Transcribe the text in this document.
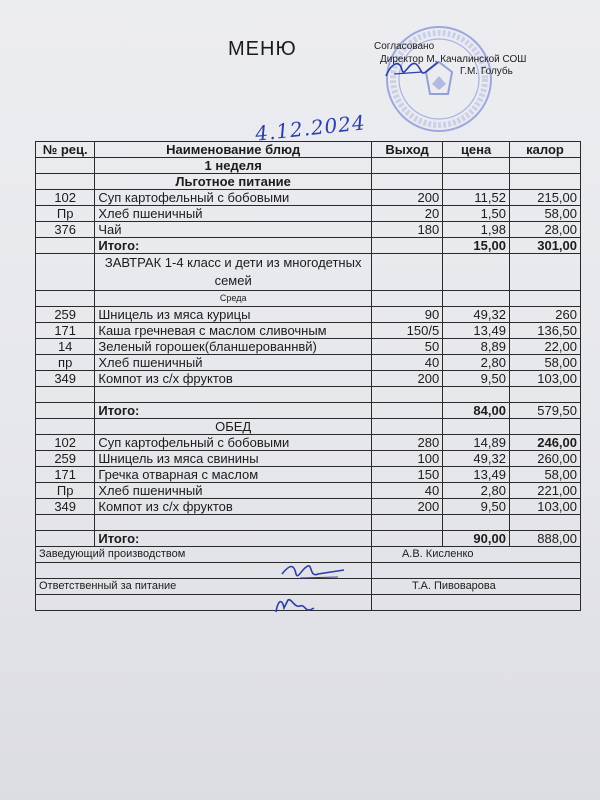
МЕНЮ	Согласовано
Директор М. Качалинской СОШ
Г.М. Голубь
4.12.2024
№ рец.	Наименование блюд	Выход	цена	калор
	1 неделя			
	Льготное питание			
102	Суп картофельный с бобовыми	200	11,52	215,00
Пр	Хлеб пшеничный	20	1,50	58,00
376	Чай	180	1,98	28,00
	Итого:		15,00	301,00
	ЗАВТРАК 1-4 класс и дети из многодетных семей			
	Среда			
259	Шницель из мяса курицы	90	49,32	260
171	Каша гречневая с маслом сливочным	150/5	13,49	136,50
14	Зеленый горошек(бланшерованнвй)	50	8,89	22,00
пр	Хлеб пшеничный	40	2,80	58,00
349	Компот из с/х фруктов	200	9,50	103,00

	Итого:		84,00	579,50
	ОБЕД			
102	Суп картофельный с бобовыми	280	14,89	246,00
259	Шницель из мяса свинины	100	49,32	260,00
171	Гречка отварная с маслом	150	13,49	58,00
Пр	Хлеб пшеничный	40	2,80	221,00
349	Компот из с/х фруктов	200	9,50	103,00

	Итого:		90,00	888,00
Заведующий производством		А.В. Кисленко		

Ответственный за питание		Т.А. Пивоварова		
